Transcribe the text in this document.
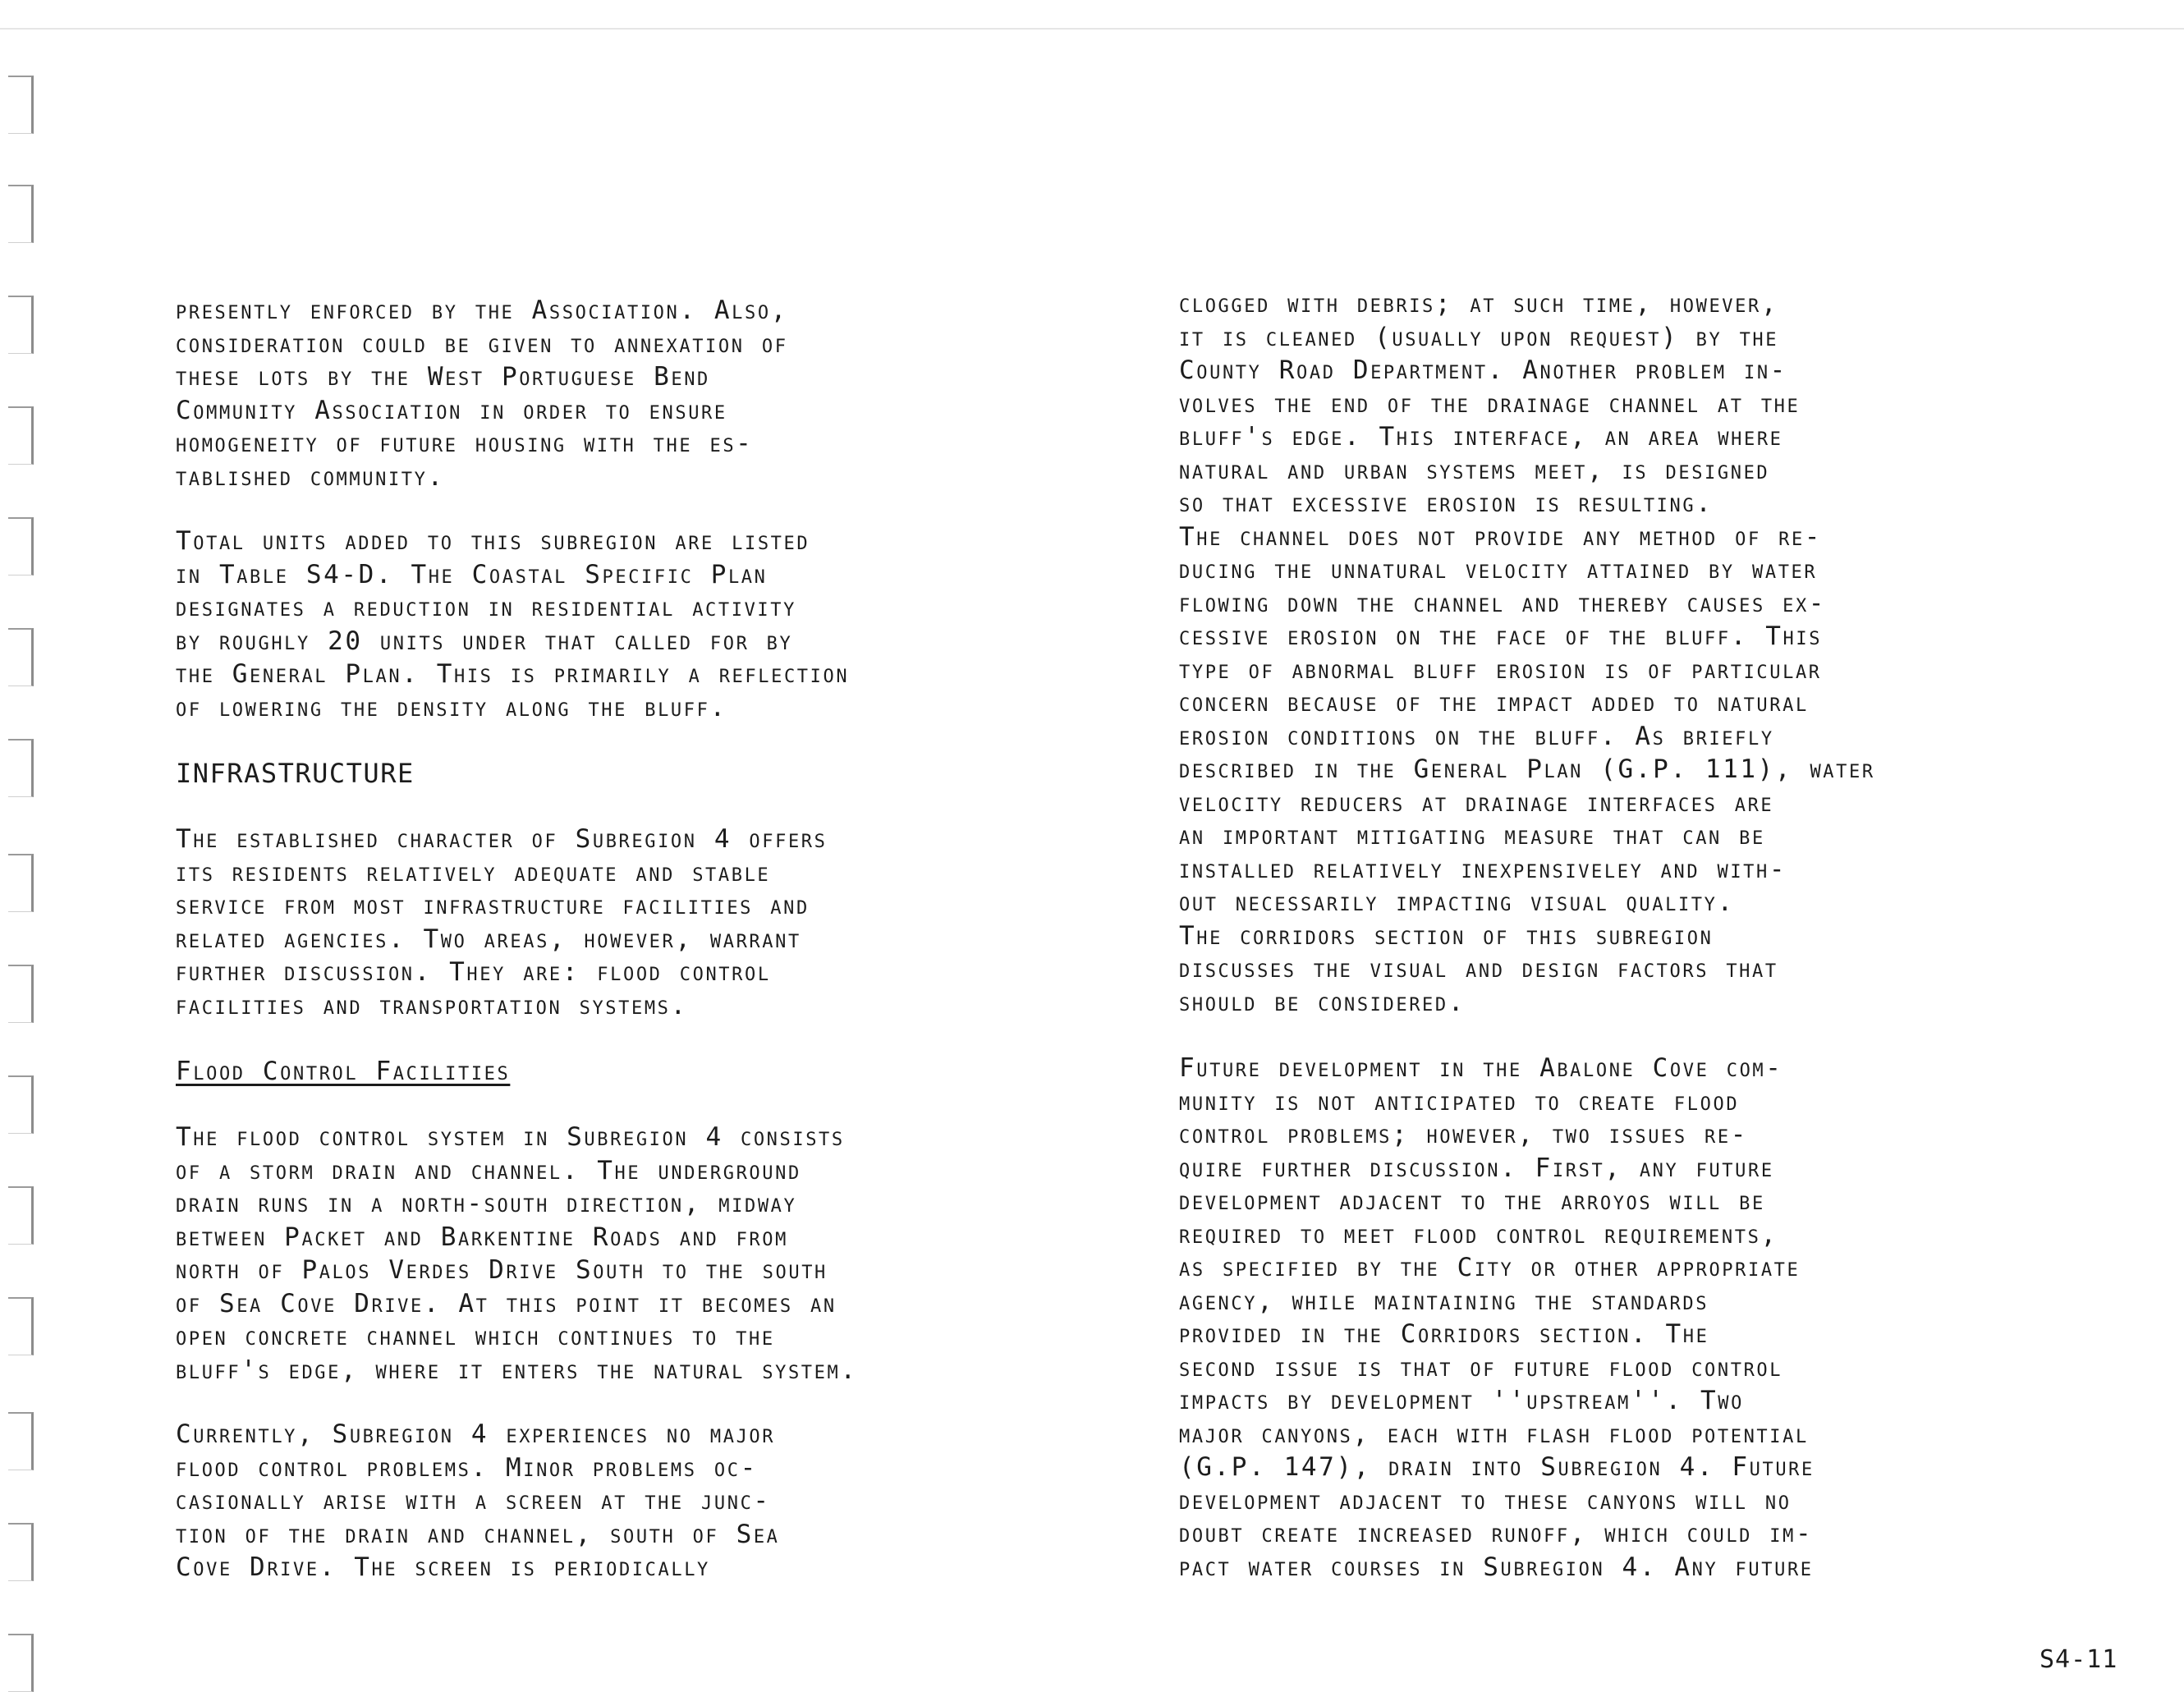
presently enforced by the Association. Also,
consideration could be given to annexation of
these lots by the West Portuguese Bend
Community Association in order to ensure
homogeneity of future housing with the es-
tablished community.
Total units added to this subregion are listed
in Table S4-D. The Coastal Specific Plan
designates a reduction in residential activity
by roughly 20 units under that called for by
the General Plan. This is primarily a reflection
of lowering the density along the bluff.
INFRASTRUCTURE
The established character of Subregion 4 offers
its residents relatively adequate and stable
service from most infrastructure facilities and
related agencies. Two areas, however, warrant
further discussion. They are: flood control
facilities and transportation systems.
Flood Control Facilities
The flood control system in Subregion 4 consists
of a storm drain and channel. The underground
drain runs in a north-south direction, midway
between Packet and Barkentine Roads and from
north of Palos Verdes Drive South to the south
of Sea Cove Drive. At this point it becomes an
open concrete channel which continues to the
bluff's edge, where it enters the natural system.
Currently, Subregion 4 experiences no major
flood control problems. Minor problems oc-
casionally arise with a screen at the junc-
tion of the drain and channel, south of Sea
Cove Drive. The screen is periodically
clogged with debris; at such time, however,
it is cleaned (usually upon request) by the
County Road Department. Another problem in-
volves the end of the drainage channel at the
bluff's edge. This interface, an area where
natural and urban systems meet, is designed
so that excessive erosion is resulting.
The channel does not provide any method of re-
ducing the unnatural velocity attained by water
flowing down the channel and thereby causes ex-
cessive erosion on the face of the bluff. This
type of abnormal bluff erosion is of particular
concern because of the impact added to natural
erosion conditions on the bluff. As briefly
described in the General Plan (G.P. 111), water
velocity reducers at drainage interfaces are
an important mitigating measure that can be
installed relatively inexpensiveley and with-
out necessarily impacting visual quality.
The corridors section of this subregion
discusses the visual and design factors that
should be considered.
Future development in the Abalone Cove com-
munity is not anticipated to create flood
control problems; however, two issues re-
quire further discussion. First, any future
development adjacent to the arroyos will be
required to meet flood control requirements,
as specified by the City or other appropriate
agency, while maintaining the standards
provided in the Corridors section. The
second issue is that of future flood control
impacts by development ''upstream''. Two
major canyons, each with flash flood potential
(G.P. 147), drain into Subregion 4. Future
development adjacent to these canyons will no
doubt create increased runoff, which could im-
pact water courses in Subregion 4. Any future
S4-11
